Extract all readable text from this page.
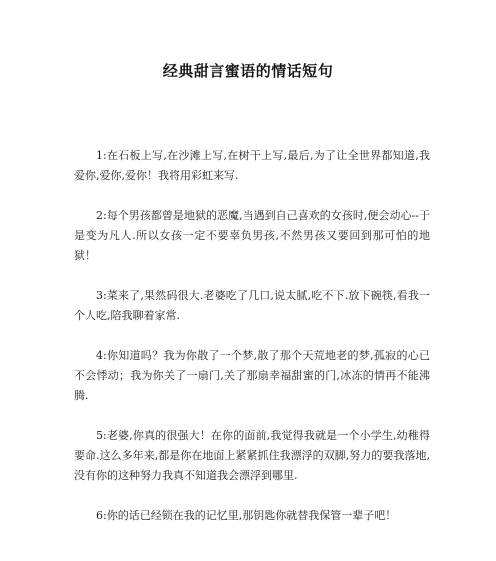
经典甜言蜜语的情话短句

1:在石板上写,在沙滩上写,在树干上写,最后,为了让全世界都知道,我爱你,爱你,爱你！我将用彩虹来写.

2:每个男孩都曾是地狱的恶魔,当遇到自己喜欢的女孩时,便会动心--于是变为凡人.所以女孩一定不要辜负男孩,不然男孩又要回到那可怕的地狱！

3:菜来了,果然码很大.老婆吃了几口,说太腻,吃不下.放下碗筷,看我一个人吃,陪我聊着家常.

4:你知道吗？我为你散了一个梦,散了那个天荒地老的梦,孤寂的心已不会悸动；我为你关了一扇门,关了那扇幸福甜蜜的门,冰冻的情再不能沸腾.

5:老婆,你真的很强大！在你的面前,我觉得我就是一个小学生,幼稚得要命.这么多年来,都是你在地面上紧紧抓住我漂浮的双脚,努力的要我落地,没有你的这种努力我真不知道我会漂浮到哪里.

6:你的话已经锁在我的记忆里,那钥匙你就替我保管一辈子吧！
